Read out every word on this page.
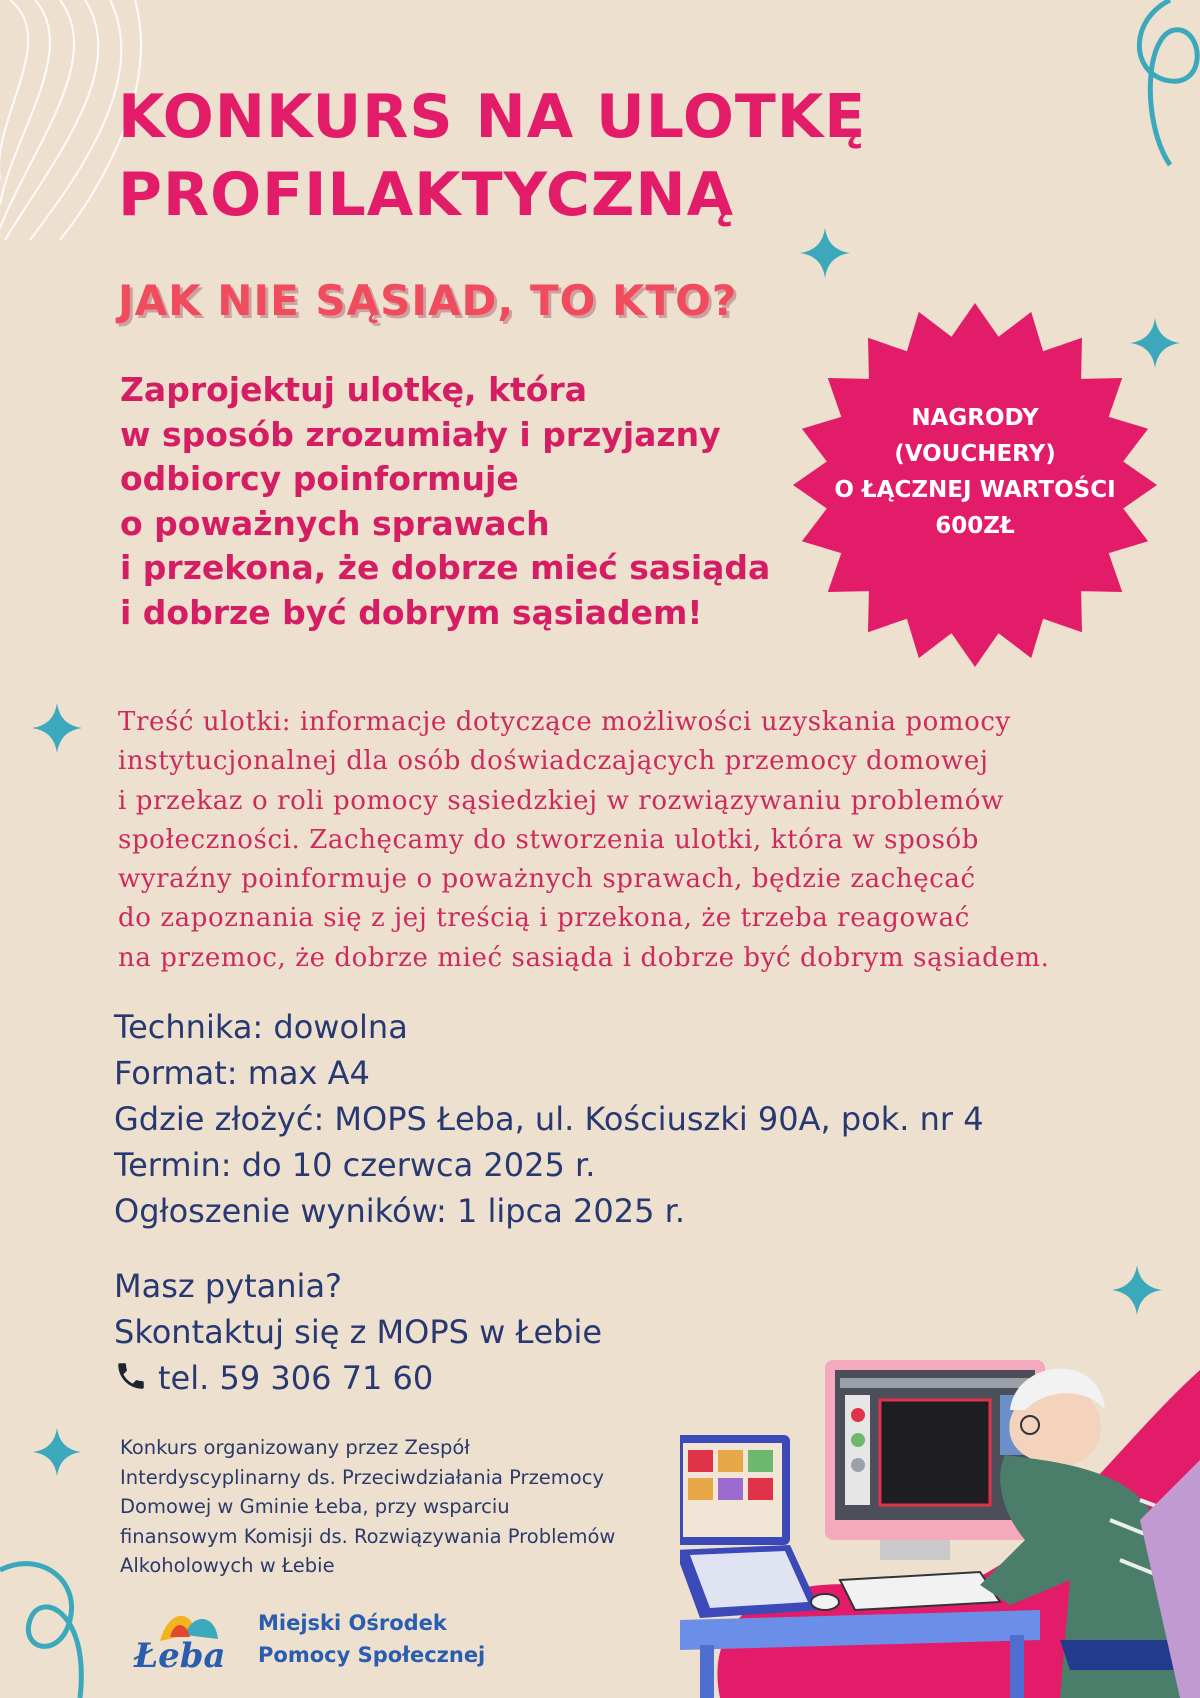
KONKURS NA ULOTKĘ
PROFILAKTYCZNĄ
JAK NIE SĄSIAD, TO KTO?

Zaprojektuj ulotkę, która
w sposób zrozumiały i przyjazny
odbiorcy poinformuje
o poważnych sprawach
i przekona, że dobrze mieć sasiąda
i dobrze być dobrym sąsiadem!

NAGRODY
(VOUCHERY)
O ŁĄCZNEJ WARTOŚCI
600ZŁ

Treść ulotki: informacje dotyczące możliwości uzyskania pomocy
instytucjonalnej dla osób doświadczających przemocy domowej
i przekaz o roli pomocy sąsiedzkiej w rozwiązywaniu problemów
społeczności. Zachęcamy do stworzenia ulotki, która w sposób
wyraźny poinformuje o poważnych sprawach, będzie zachęcać
do zapoznania się z jej treścią i przekona, że trzeba reagować
na przemoc, że dobrze mieć sasiąda i dobrze być dobrym sąsiadem.

Technika: dowolna
Format: max A4
Gdzie złożyć: MOPS Łeba, ul. Kościuszki 90A, pok. nr 4
Termin: do 10 czerwca 2025 r.
Ogłoszenie wyników: 1 lipca 2025 r.
Masz pytania?
Skontaktuj się z MOPS w Łebie
tel. 59 306 71 60

Konkurs organizowany przez Zespół
Interdyscyplinarny ds. Przeciwdziałania Przemocy
Domowej w Gminie Łeba, przy wsparciu
finansowym Komisji ds. Rozwiązywania Problemów
Alkoholowych w Łebie

Łeba
Miejski Ośrodek
Pomocy Społecznej
